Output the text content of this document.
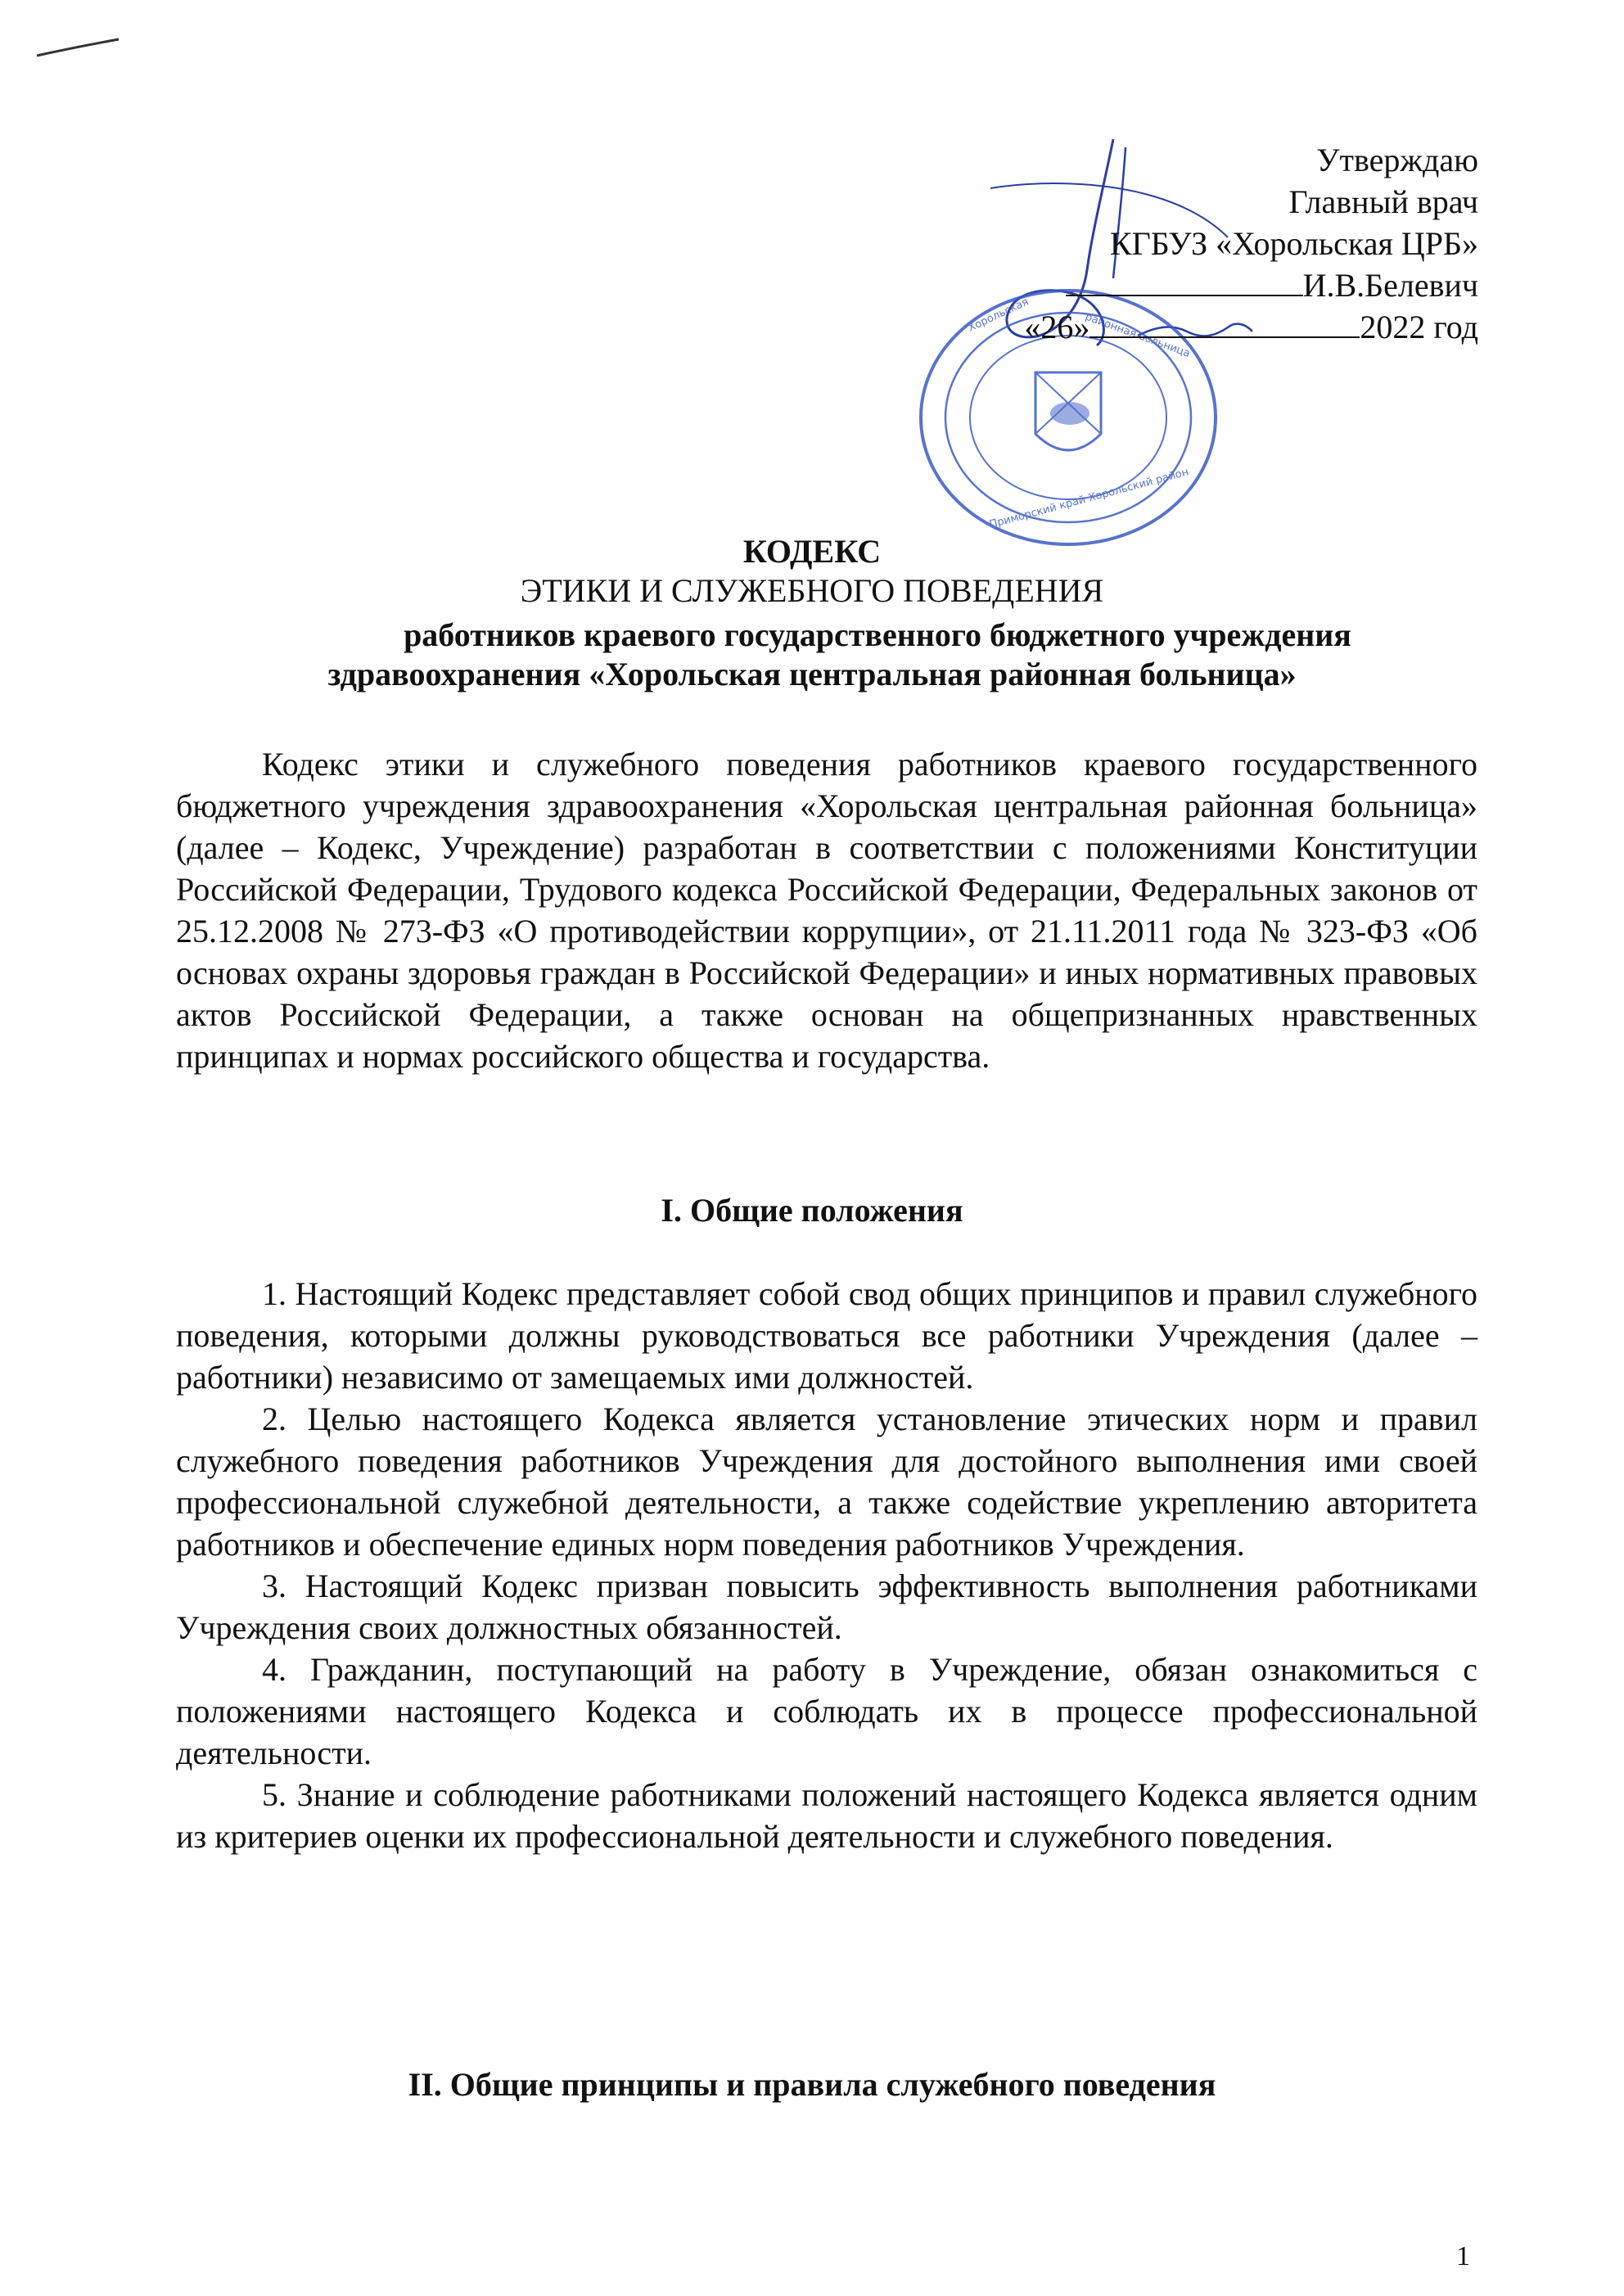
Хорольская	районная больница
Приморский край Хорольский район
Утверждаю
Главный врач
КГБУЗ «Хорольская ЦРБ»
И.В.Белевич
«26»	2022 год
КОДЕКС
ЭТИКИ И СЛУЖЕБНОГО ПОВЕДЕНИЯ
работников краевого государственного бюджетного учреждения
здравоохранения «Хорольская центральная районная больница»

Кодекс этики и служебного поведения работников краевого государственного бюджетного учреждения здравоохранения «Хорольская центральная районная больница» (далее – Кодекс, Учреждение) разработан в соответствии с положениями Конституции Российской Федерации, Трудового кодекса Российской Федерации, Федеральных законов от 25.12.2008 № 273-ФЗ «О противодействии коррупции», от 21.11.2011 года № 323-ФЗ «Об основах охраны здоровья граждан в Российской Федерации» и иных нормативных правовых актов Российской Федерации, а также основан на общепризнанных нравственных принципах и нормах российского общества и государства.

I. Общие положения

1. Настоящий Кодекс представляет собой свод общих принципов и правил служебного поведения, которыми должны руководствоваться все работники Учреждения (далее – работники) независимо от замещаемых ими должностей.

2. Целью настоящего Кодекса является установление этических норм и правил служебного поведения работников Учреждения для достойного выполнения ими своей профессиональной служебной деятельности, а также содействие укреплению авторитета работников и обеспечение единых норм поведения работников Учреждения.

3. Настоящий Кодекс призван повысить эффективность выполнения работниками Учреждения своих должностных обязанностей.

4. Гражданин, поступающий на работу в Учреждение, обязан ознакомиться с положениями настоящего Кодекса и соблюдать их в процессе профессиональной деятельности.

5. Знание и соблюдение работниками положений настоящего Кодекса является одним из критериев оценки их профессиональной деятельности и служебного поведения.

II. Общие принципы и правила служебного поведения
1
